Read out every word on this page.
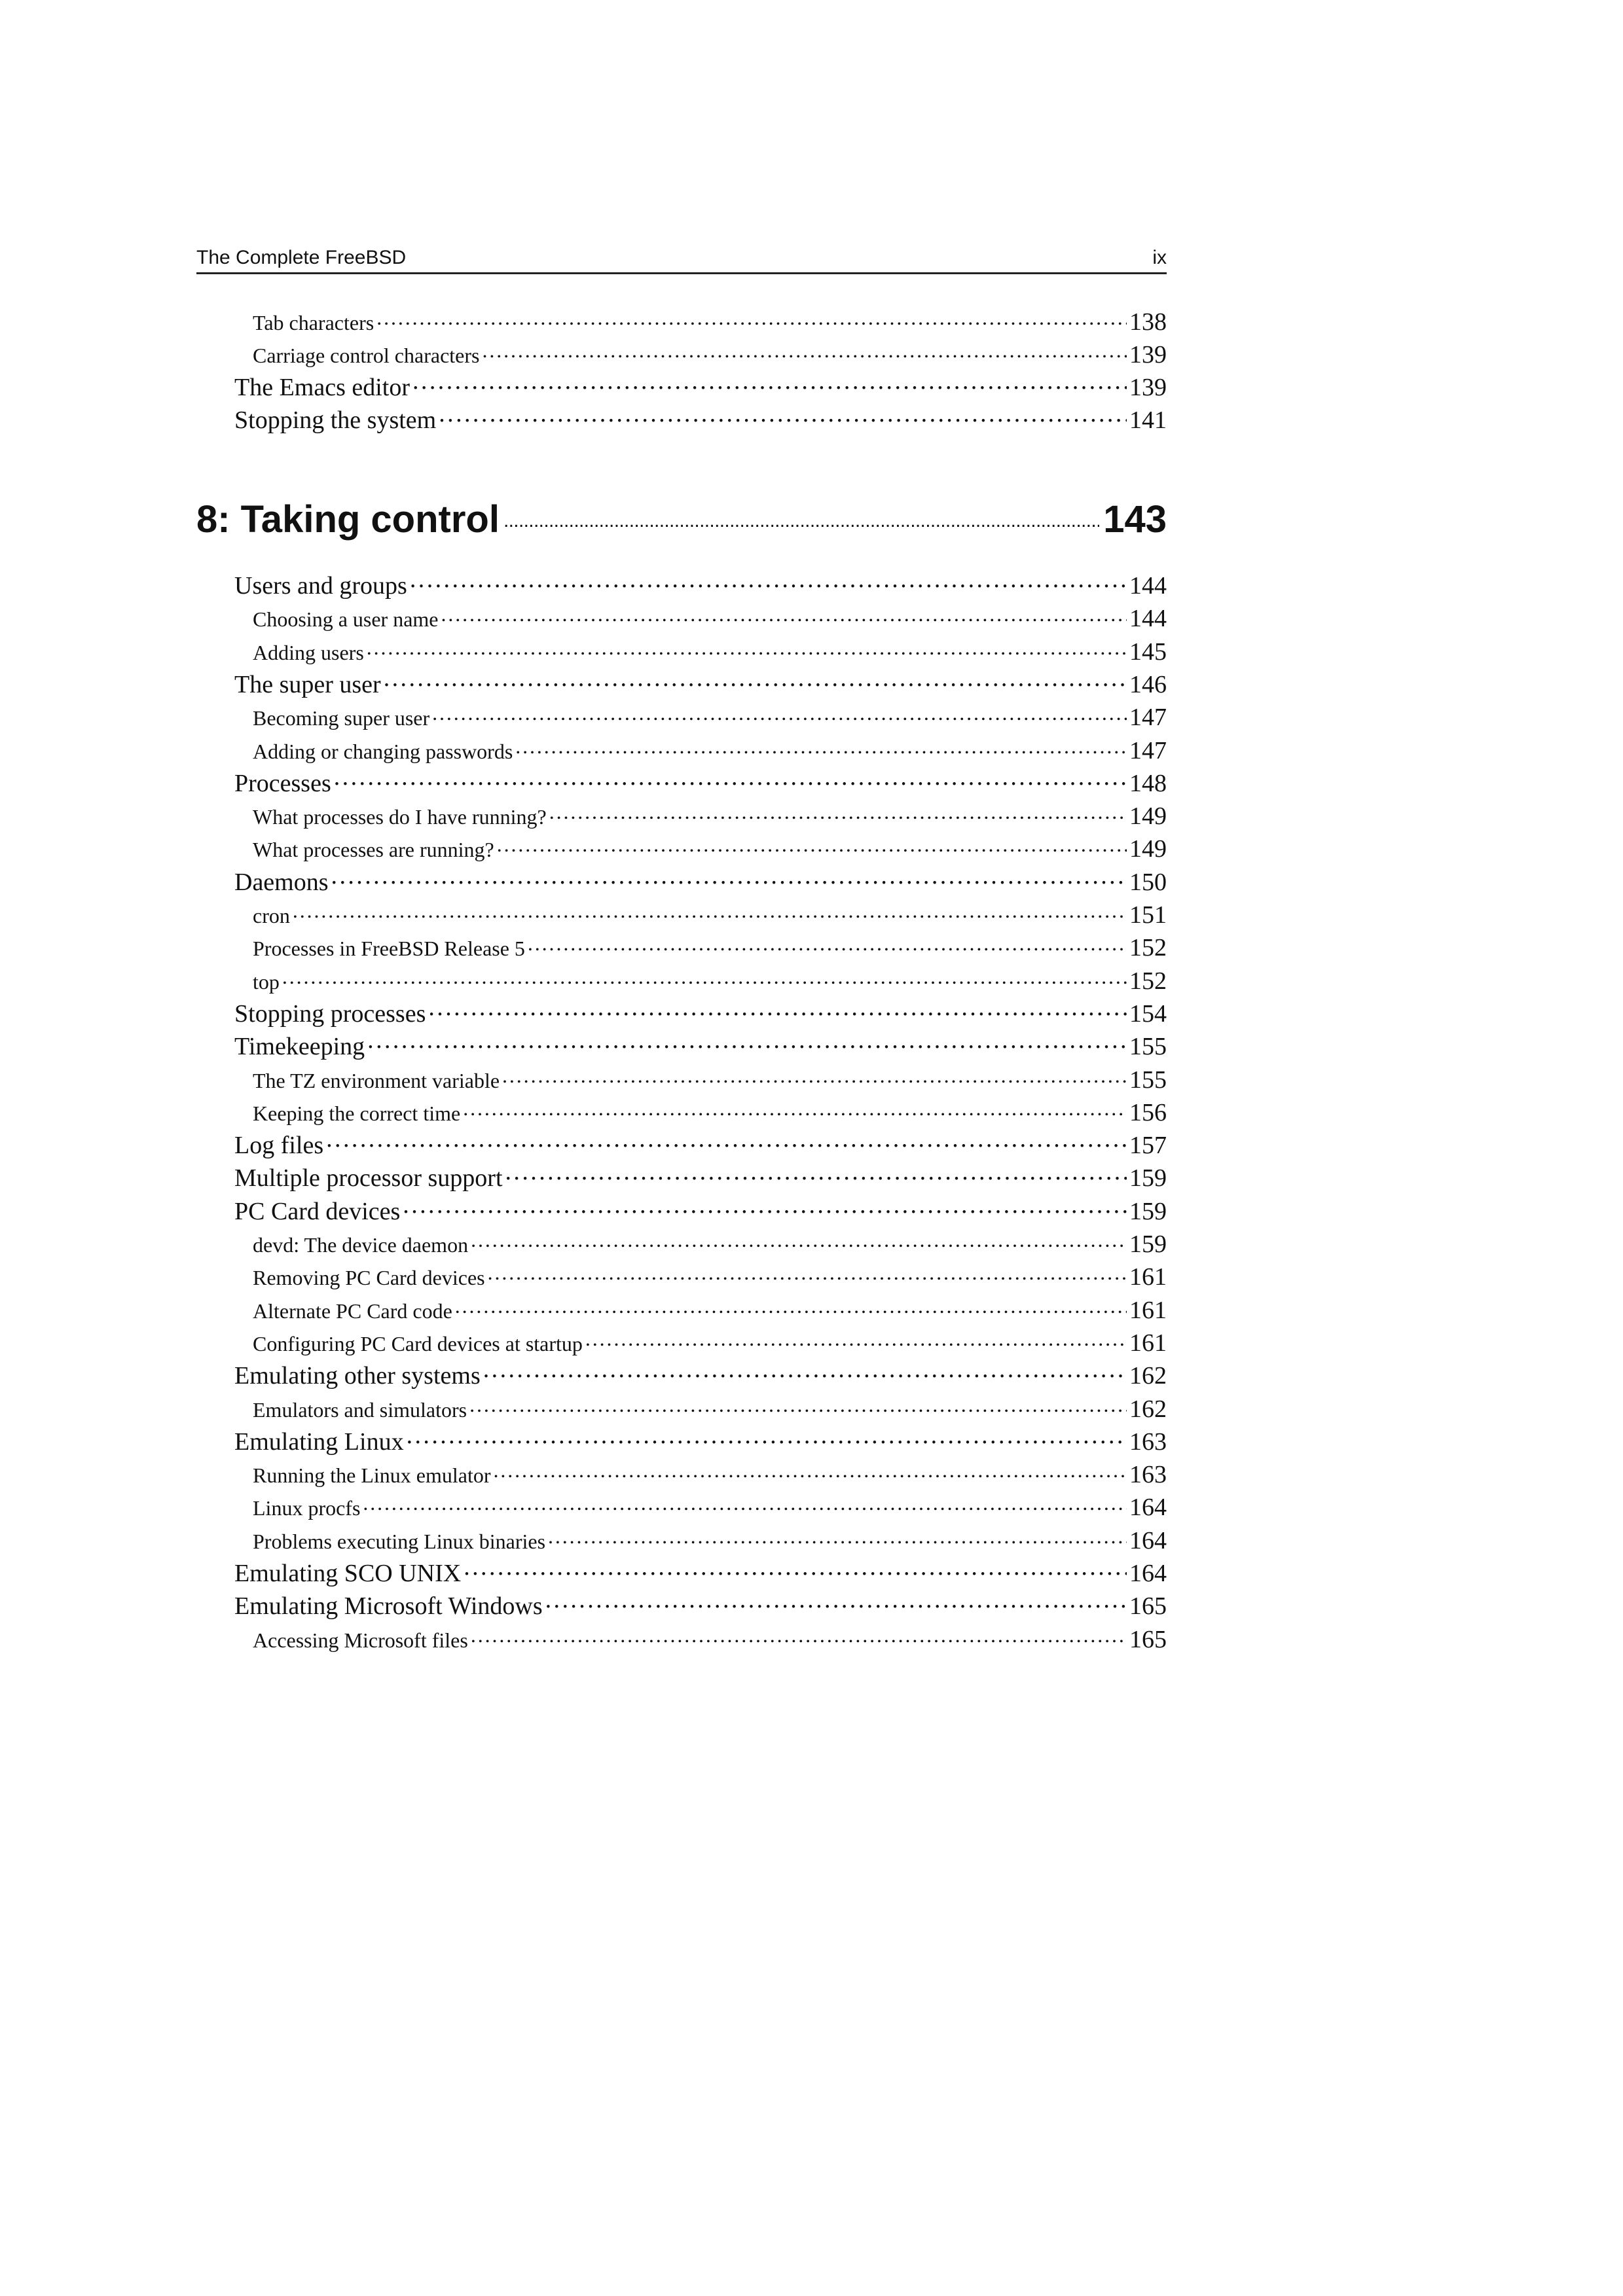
The Complete FreeBSD	ix
Tab characters . . .	138
Carriage control characters . . .	139
The Emacs editor . . .	139
Stopping the system . . .	141
8: Taking control . . .	143
Users and groups . . .	144
Choosing a user name . . .	144
Adding users . . .	145
The super user . . .	146
Becoming super user . . .	147
Adding or changing passwords . . .	147
Processes . . .	148
What processes do I have running? . . .	149
What processes are running? . . .	149
Daemons . . .	150
cron . . .	151
Processes in FreeBSD Release 5 . . .	152
top . . .	152
Stopping processes . . .	154
Timekeeping . . .	155
The TZ environment variable . . .	155
Keeping the correct time . . .	156
Log files . . .	157
Multiple processor support . . .	159
PC Card devices . . .	159
devd: The device daemon . . .	159
Removing PC Card devices . . .	161
Alternate PC Card code . . .	161
Configuring PC Card devices at startup . . .	161
Emulating other systems . . .	162
Emulators and simulators . . .	162
Emulating Linux . . .	163
Running the Linux emulator . . .	163
Linux procfs . . .	164
Problems executing Linux binaries . . .	164
Emulating SCO UNIX . . .	164
Emulating Microsoft Windows . . .	165
Accessing Microsoft files . . .	165
